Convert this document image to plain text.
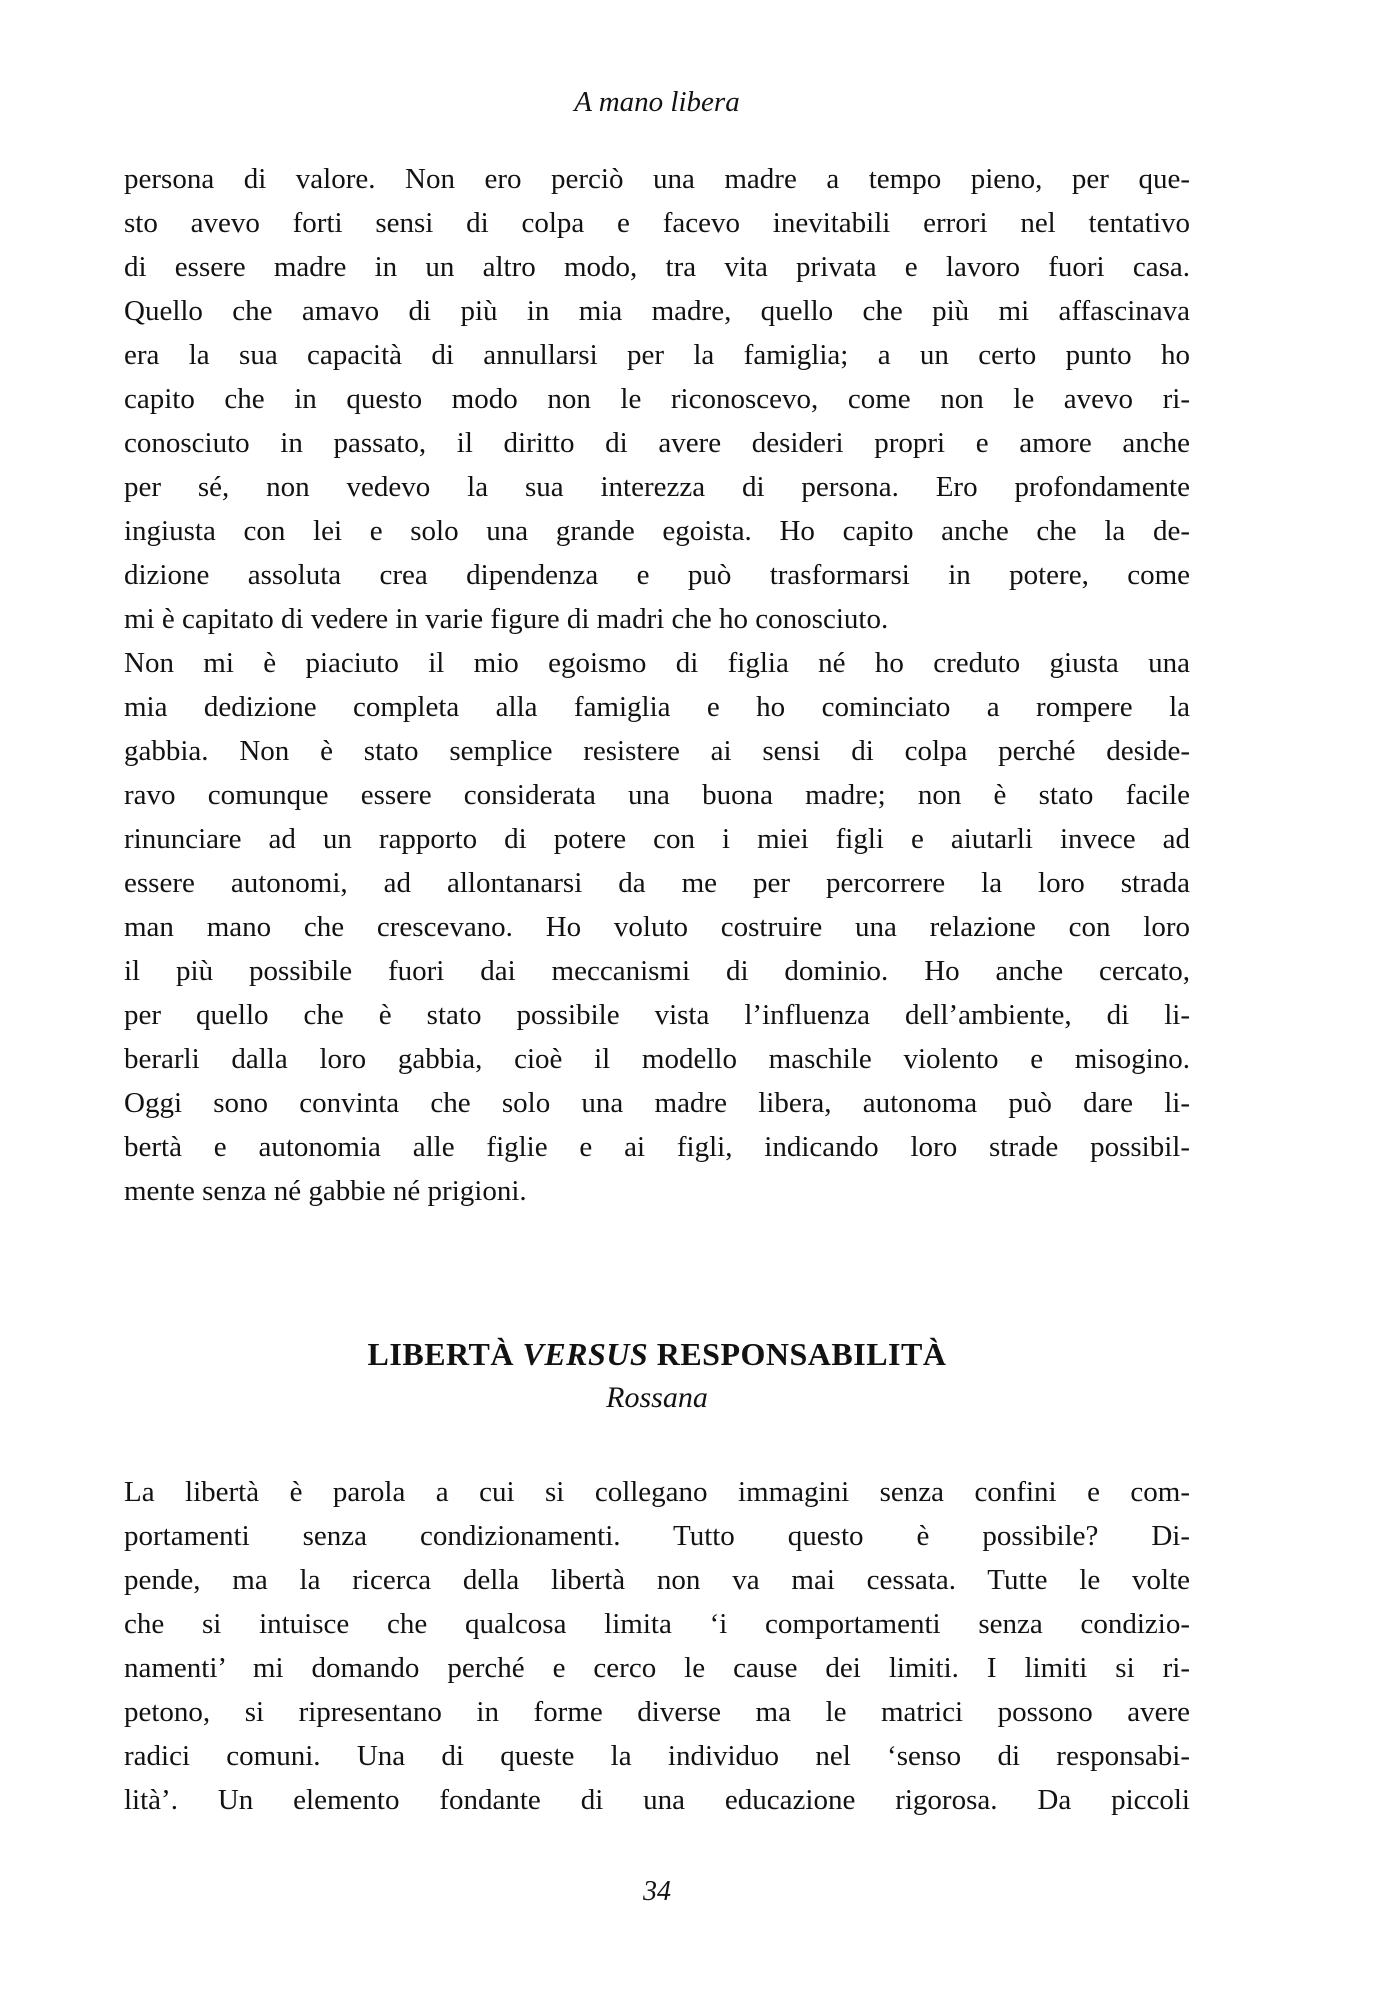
A mano libera
persona di valore. Non ero perciò una madre a tempo pieno, per que-
sto avevo forti sensi di colpa e facevo inevitabili errori nel tentativo
di essere madre in un altro modo, tra vita privata e lavoro fuori casa.
Quello che amavo di più in mia madre, quello che più mi affascinava
era la sua capacità di annullarsi per la famiglia; a un certo punto ho
capito che in questo modo non le riconoscevo, come non le avevo ri-
conosciuto in passato, il diritto di avere desideri propri e amore anche
per sé, non vedevo la sua interezza di persona. Ero profondamente
ingiusta con lei e solo una grande egoista. Ho capito anche che la de-
dizione assoluta crea dipendenza e può trasformarsi in potere, come
mi è capitato di vedere in varie figure di madri che ho conosciuto.
Non mi è piaciuto il mio egoismo di figlia né ho creduto giusta una
mia dedizione completa alla famiglia e ho cominciato a rompere la
gabbia. Non è stato semplice resistere ai sensi di colpa perché deside-
ravo comunque essere considerata una buona madre; non è stato facile
rinunciare ad un rapporto di potere con i miei figli e aiutarli invece ad
essere autonomi, ad allontanarsi da me per percorrere la loro strada
man mano che crescevano. Ho voluto costruire una relazione con loro
il più possibile fuori dai meccanismi di dominio. Ho anche cercato,
per quello che è stato possibile vista l’influenza dell’ambiente, di li-
berarli dalla loro gabbia, cioè il modello maschile violento e misogino.
Oggi sono convinta che solo una madre libera, autonoma può dare li-
bertà e autonomia alle figlie e ai figli, indicando loro strade possibil-
mente senza né gabbie né prigioni.
LIBERTÀ VERSUS RESPONSABILITÀ
Rossana
La libertà è parola a cui si collegano immagini senza confini e com-
portamenti senza condizionamenti. Tutto questo è possibile? Di-
pende, ma la ricerca della libertà non va mai cessata. Tutte le volte
che si intuisce che qualcosa limita ‘i comportamenti senza condizio-
namenti’ mi domando perché e cerco le cause dei limiti. I limiti si ri-
petono, si ripresentano in forme diverse ma le matrici possono avere
radici comuni. Una di queste la individuo nel ‘senso di responsabi-
lità’. Un elemento fondante di una educazione rigorosa. Da piccoli
34
